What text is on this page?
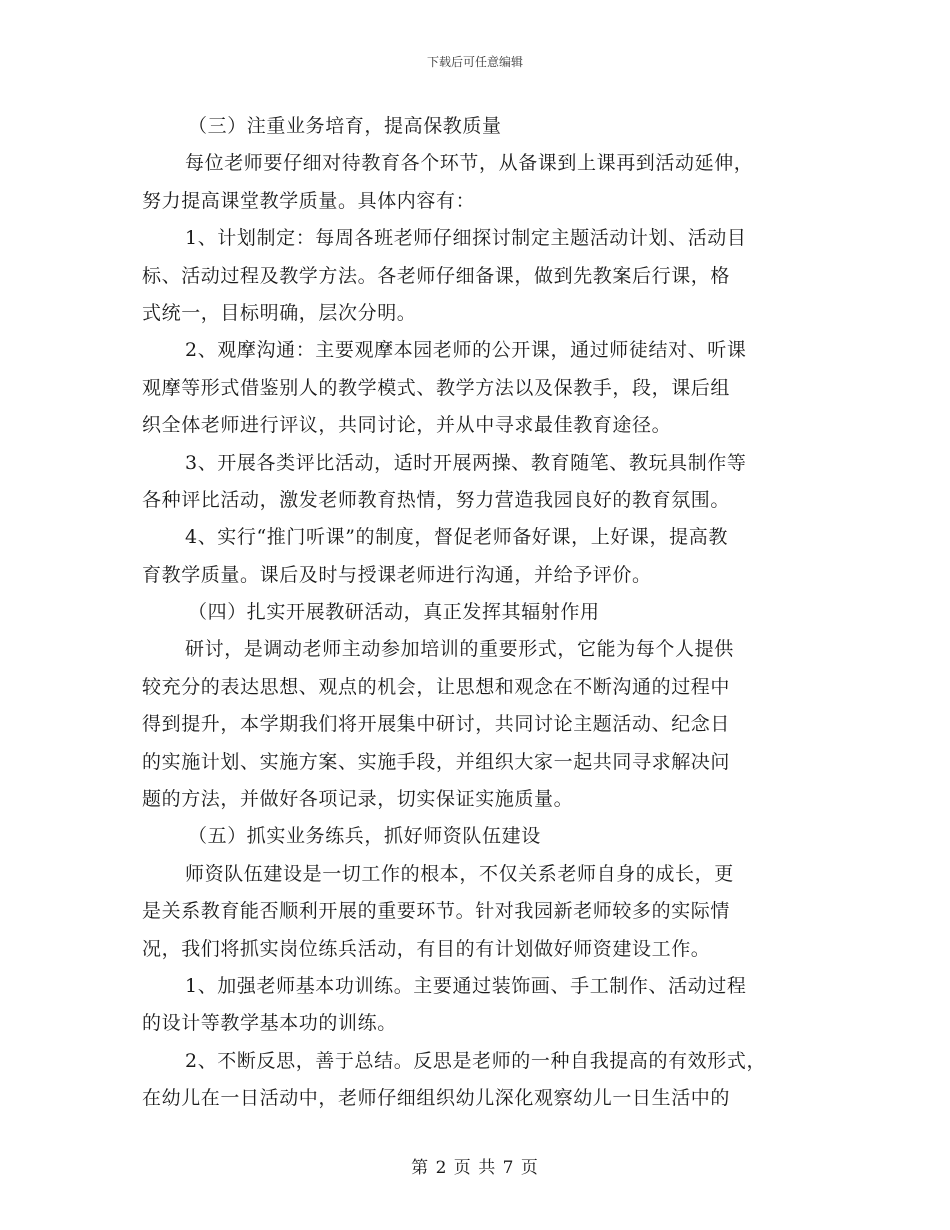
下载后可任意编辑
（三）注重业务培育，提高保教质量
每位老师要仔细对待教育各个环节，从备课到上课再到活动延伸，
努力提高课堂教学质量。具体内容有：
1、计划制定：每周各班老师仔细探讨制定主题活动计划、活动目
标、活动过程及教学方法。各老师仔细备课，做到先教案后行课，格
式统一，目标明确，层次分明。
2、观摩沟通：主要观摩本园老师的公开课，通过师徒结对、听课
观摩等形式借鉴别人的教学模式、教学方法以及保教手，段，课后组
织全体老师进行评议，共同讨论，并从中寻求最佳教育途径。
3、开展各类评比活动，适时开展两操、教育随笔、教玩具制作等
各种评比活动，激发老师教育热情，努力营造我园良好的教育氛围。
4、实行“推门听课”的制度，督促老师备好课，上好课，提高教
育教学质量。课后及时与授课老师进行沟通，并给予评价。
（四）扎实开展教研活动，真正发挥其辐射作用
研讨，是调动老师主动参加培训的重要形式，它能为每个人提供
较充分的表达思想、观点的机会，让思想和观念在不断沟通的过程中
得到提升，本学期我们将开展集中研讨，共同讨论主题活动、纪念日
的实施计划、实施方案、实施手段，并组织大家一起共同寻求解决问
题的方法，并做好各项记录，切实保证实施质量。
（五）抓实业务练兵，抓好师资队伍建设
师资队伍建设是一切工作的根本，不仅关系老师自身的成长，更
是关系教育能否顺利开展的重要环节。针对我园新老师较多的实际情
况，我们将抓实岗位练兵活动，有目的有计划做好师资建设工作。
1、加强老师基本功训练。主要通过装饰画、手工制作、活动过程
的设计等教学基本功的训练。
2、不断反思，善于总结。反思是老师的一种自我提高的有效形式，
在幼儿在一日活动中，老师仔细组织幼儿深化观察幼儿一日生活中的
第 2 页 共 7 页
